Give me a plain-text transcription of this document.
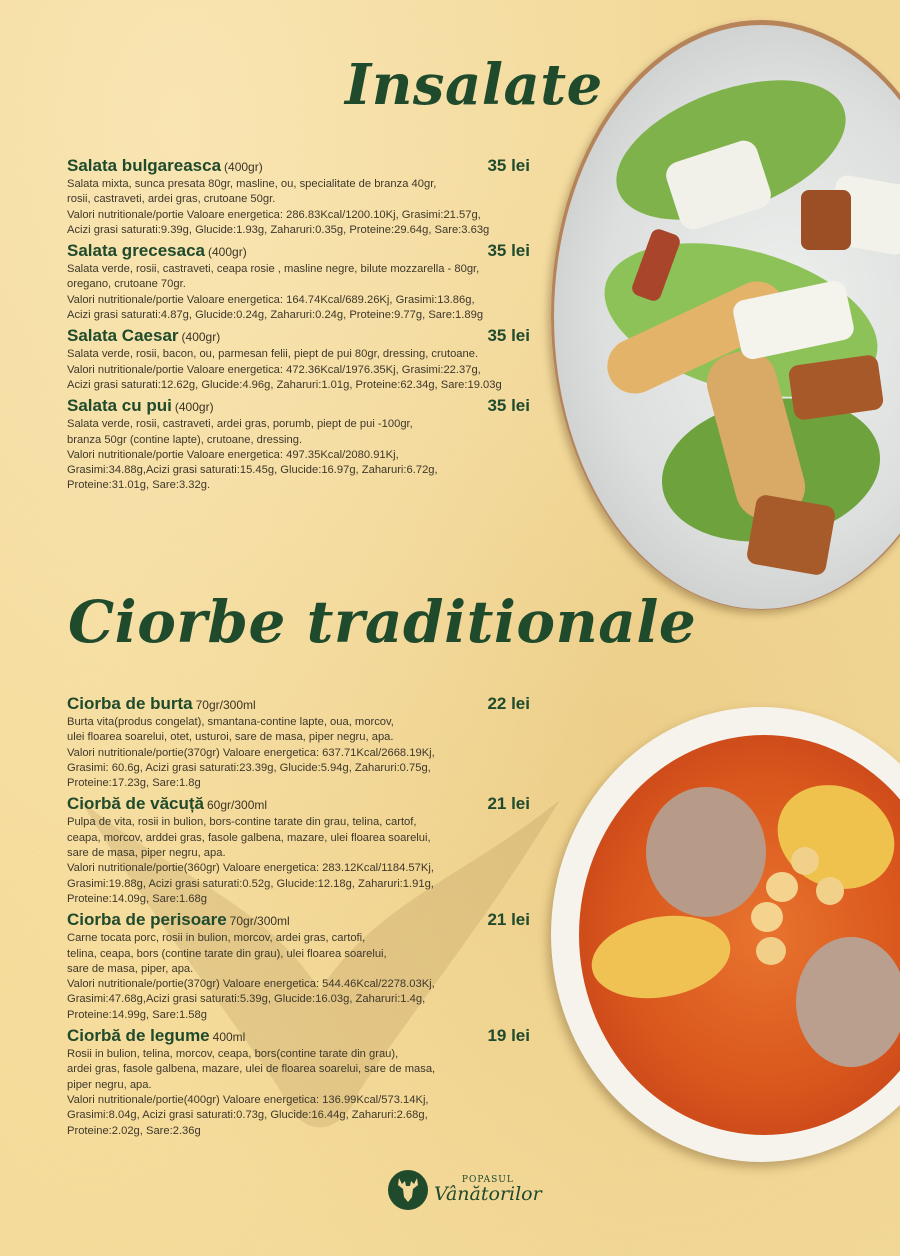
Insalate
Ciorbe traditionale
Salata bulgareasca (400gr)	35 lei

Salata mixta, sunca presata 80gr, masline, ou, specialitate de branza 40gr,
rosii, castraveti, ardei gras, crutoane 50gr.
Valori nutritionale/portie Valoare energetica: 286.83Kcal/1200.10Kj, Grasimi:21.57g,
Acizi grasi saturati:9.39g, Glucide:1.93g, Zaharuri:0.35g, Proteine:29.64g, Sare:3.63g

Salata grecesaca (400gr)	35 lei

Salata verde, rosii, castraveti, ceapa rosie , masline negre, bilute mozzarella - 80gr,
oregano, crutoane 70gr.
Valori nutritionale/portie Valoare energetica: 164.74Kcal/689.26Kj, Grasimi:13.86g,
Acizi grasi saturati:4.87g, Glucide:0.24g, Zaharuri:0.24g, Proteine:9.77g, Sare:1.89g

Salata Caesar (400gr)	35 lei

Salata verde, rosii, bacon, ou, parmesan felii, piept de pui 80gr, dressing, crutoane.
Valori nutritionale/portie Valoare energetica: 472.36Kcal/1976.35Kj, Grasimi:22.37g,
Acizi grasi saturati:12.62g, Glucide:4.96g, Zaharuri:1.01g, Proteine:62.34g, Sare:19.03g

Salata cu pui (400gr)	35 lei

Salata verde, rosii, castraveti, ardei gras, porumb, piept de pui -100gr,
branza 50gr (contine lapte), crutoane, dressing.
Valori nutritionale/portie Valoare energetica: 497.35Kcal/2080.91Kj,
Grasimi:34.88g,Acizi grasi saturati:15.45g, Glucide:16.97g, Zaharuri:6.72g,
Proteine:31.01g, Sare:3.32g.

Ciorba de burta 70gr/300ml	22 lei

Burta vita(produs congelat), smantana-contine lapte, oua, morcov,
ulei floarea soarelui, otet, usturoi, sare de masa, piper negru, apa.
Valori nutritionale/portie(370gr) Valoare energetica: 637.71Kcal/2668.19Kj,
Grasimi: 60.6g, Acizi grasi saturati:23.39g, Glucide:5.94g, Zaharuri:0.75g,
Proteine:17.23g, Sare:1.8g

Ciorbă de văcuță 60gr/300ml	21 lei

Pulpa de vita, rosii in bulion, bors-contine tarate din grau, telina, cartof,
ceapa, morcov, arddei gras, fasole galbena, mazare, ulei floarea soarelui,
sare de masa, piper negru, apa.
Valori nutritionale/portie(360gr) Valoare energetica: 283.12Kcal/1184.57Kj,
Grasimi:19.88g, Acizi grasi saturati:0.52g, Glucide:12.18g, Zaharuri:1.91g,
Proteine:14.09g, Sare:1.68g

Ciorba de perisoare 70gr/300ml	21 lei

Carne tocata porc, rosii in bulion, morcov, ardei gras, cartofi,
telina, ceapa, bors (contine tarate din grau), ulei floarea soarelui,
sare de masa, piper, apa.
Valori nutritionale/portie(370gr) Valoare energetica: 544.46Kcal/2278.03Kj,
Grasimi:47.68g,Acizi grasi saturati:5.39g, Glucide:16.03g, Zaharuri:1.4g,
Proteine:14.99g, Sare:1.58g

Ciorbă de legume 400ml	19 lei

Rosii in bulion, telina, morcov, ceapa, bors(contine tarate din grau),
ardei gras, fasole galbena, mazare, ulei de floarea soarelui, sare de masa,
piper negru, apa.
Valori nutritionale/portie(400gr) Valoare energetica: 136.99Kcal/573.14Kj,
Grasimi:8.04g, Acizi grasi saturati:0.73g, Glucide:16.44g, Zaharuri:2.68g,
Proteine:2.02g, Sare:2.36g

POPASUL
Vânătorilor
